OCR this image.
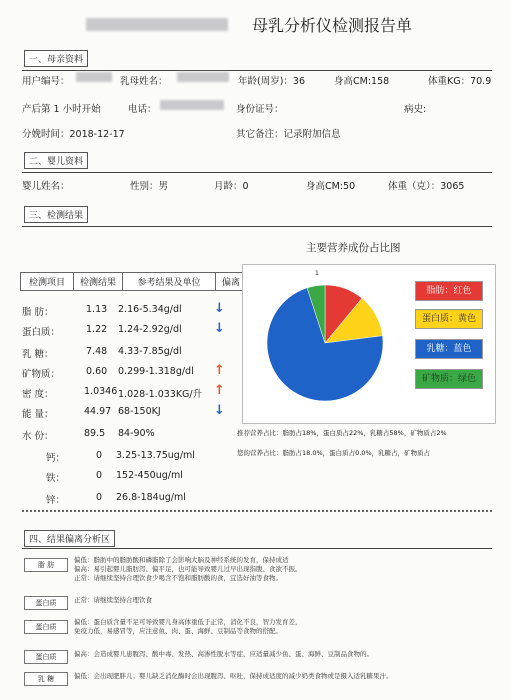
母乳分析仪检测报告单
一、母亲资料
用户编号：	乳母姓名：	年龄(周岁)：36	身高CM:158	体重KG：70.9
产后第 1 小时开始	电话：	身份证号：	病史:
分娩时间：2018-12-17	其它备注：记录附加信息
二、婴儿资料
婴儿姓名：	性别：男	月龄：0	身高CM:50	体重（克）：3065
三、检测结果
主要营养成份占比图
检测项目	检测结果	参考结果及单位	偏离
脂 肪：	1.13 2.16-5.34g/dl ↓
蛋白质：	1.22 1.24-2.92g/dl ↓
乳 糖：	7.48 4.33-7.85g/dl
矿物质：	0.60 0.299-1.318g/dl ↑
密 度：	1.0346 1.028-1.033KG/升 ↑
能 量：	44.97 68-150KJ	↓
水 份：	89.5 84-90%
钙：	0 3.25-13.75ug/ml
铁：	0 152-450ug/ml
锌：	0 26.8-184ug/ml
1
脂肪：红色
蛋白质：黄色
乳糖：蓝色
矿物质：绿色
推荐营养占比：脂肪占18%，蛋白质占22%，乳糖占58%，矿物质占2%
您的营养占比：脂肪占18.0%，蛋白质占0.0%，乳糖占，矿物质占
四、结果偏离分析区
脂 肪
偏低：脂肪中的脂肪酸和磷脂除了会影响大脑及神经系统的发育，保持成适
偏高：易引起婴儿脂肪泻、偏平足，也可能导致婴儿过早出现指腹、食欲不振。
正常：请继续坚持合理饮食少喝含不饱和脂肪酸的食，宜选好油等食物。
蛋白质	正常：请继续坚持合理饮食
蛋白质
偏低：蛋白质含量不足可导致婴儿身高体重低于正常，消化不良，智力发育差，
免疫力低，易感冒等，应注意鱼、肉、蛋、海鲜、豆制品等食物的搭配。
蛋白质	偏高：会造成婴儿患腹泻、酸中毒、发热、高渗性脱水等症，应适量减少鱼、蛋、海鲜、豆制品食物的。
乳 糖	偏低：会出现肥胖儿；婴儿缺乏消化酶时会出现腹泻、呕吐，保持成适度的减少奶类食物或是摄入适乳糖果汁。
